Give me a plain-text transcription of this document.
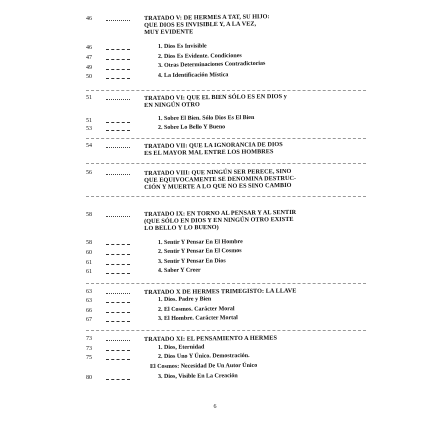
46	TRATADO V: DE HERMES A TAT, SU HIJO:
QUE DIOS ES INVISIBLE Y, A LA VEZ,
MUY EVIDENTE
46	1. Dios Es Invisible
47	2. Dios Es Evidente. Condiciones
49	3. Otras Determinaciones Contradictorias
50	4. La Identificación Mística
51	TRATADO VI: QUE EL BIEN SÓLO ES EN DIOS y
EN NINGÚN OTRO
51	1. Sobre El Bien. Sólo Dios Es El Bien
53	2. Sobre Lo Bello Y Bueno
54	TRATADO VII: QUE LA IGNORANCIA DE DIOS
ES EL MAYOR MAL ENTRE LOS HOMBRES
56	TRATADO VIII: QUE NINGÚN SER PERECE, SINO
QUE EQUIVOCAMENTE SE DENOMINA DESTRUC-
CIÓN Y MUERTE A LO QUE NO ES SINO CAMBIO
58	TRATADO IX: EN TORNO AL PENSAR Y AL SENTIR
(QUE SÓLO EN DIOS Y EN NINGÚN OTRO EXISTE
LO BELLO Y LO BUENO)
58	1. Sentir Y Pensar En El Hombre
60	2. Sentir Y Pensar En El Cosmos
61	3. Sentir Y Pensar En Dios
61	4. Saber Y Creer
63	TRATADO X DE HERMES TRIMEGISTO: LA LLAVE
63	1. Dios. Padre y Bien
66	2. El Cosmos. Carácter Moral
67	3. El Hombre. Carácter Mortal
73	TRATADO XI: EL PENSAMIENTO A HERMES
73	1. Dios, Eternidad
75	2. Dios Uno Y Único. Demostración.
El Cosmos: Necesidad De Un Autor Único
80	3. Dios, Visible En La Creación
6
